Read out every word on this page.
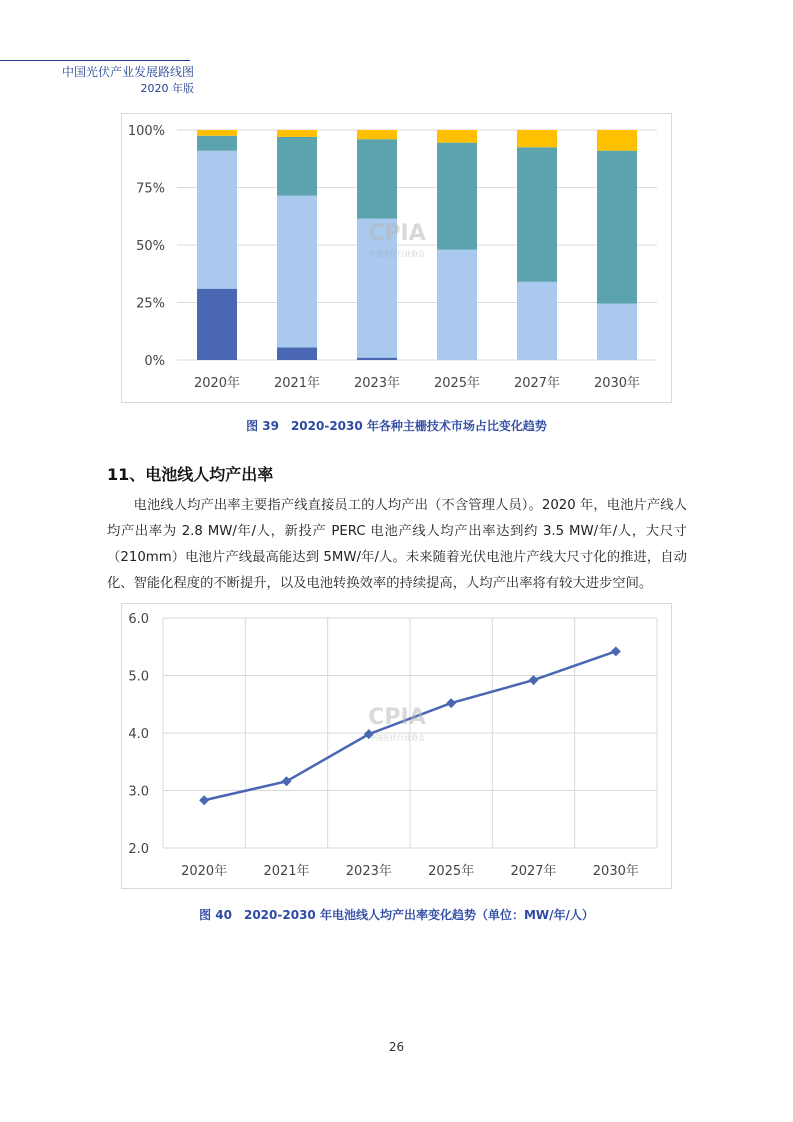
中国光伏产业发展路线图
2020 年版
0%
25%
50%
75%
100%
2020年	2021年	2023年	2025年	2027年	2030年
CPIA
中国光伏行业协会
图 39　2020-2030 年各种主栅技术市场占比变化趋势
11、电池线人均产出率
电池线人均产出率主要指产线直接员工的人均产出（不含管理人员）。2020 年，电池片产线人均产出率为 2.8 MW/年/人，新投产 PERC 电池产线人均产出率达到约 3.5 MW/年/人，大尺寸（210mm）电池片产线最高能达到 5MW/年/人。未来随着光伏电池片产线大尺寸化的推进，自动化、智能化程度的不断提升，以及电池转换效率的持续提高，人均产出率将有较大进步空间。
2.0
3.0
4.0
5.0
6.0
2020年	2021年	2023年	2025年	2027年	2030年
CPIA
中国光伏行业协会
图 40　2020-2030 年电池线人均产出率变化趋势（单位：MW/年/人）
26
